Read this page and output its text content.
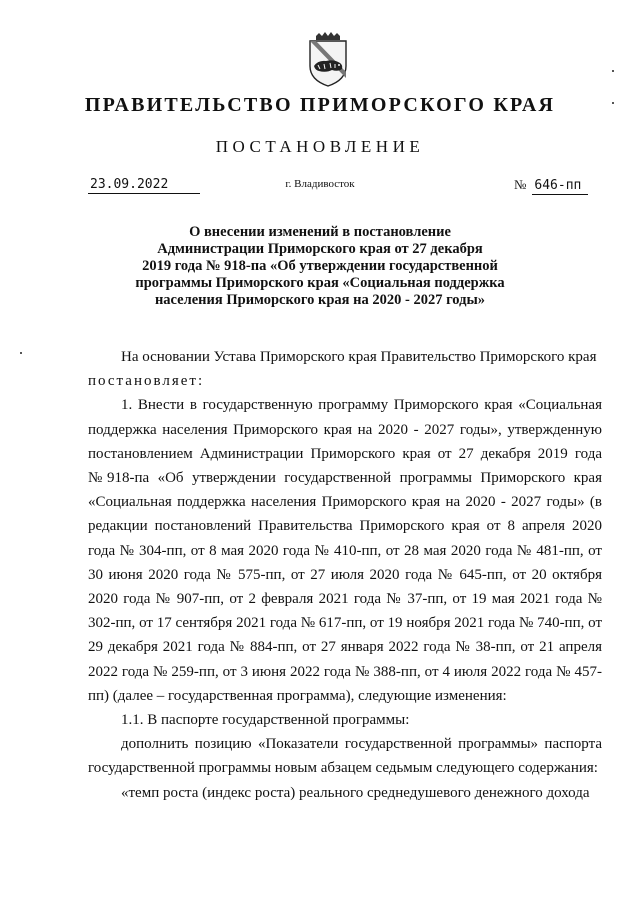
ПРАВИТЕЛЬСТВО ПРИМОРСКОГО КРАЯ
ПОСТАНОВЛЕНИЕ
23.09.2022	г. Владивосток	№ 646-пп
О внесении изменений в постановление
Администрации Приморского края от 27 декабря
2019 года № 918-па «Об утверждении государственной
программы Приморского края «Социальная поддержка
населения Приморского края на 2020 - 2027 годы»

На основании Устава Приморского края Правительство Приморского края

постановляет:

1. Внести в государственную программу Приморского края «Социальная поддержка населения Приморского края на 2020 - 2027 годы», утвержденную постановлением Администрации Приморского края от 27 декабря 2019 года №918-па «Об утверждении государственной программы Приморского края «Социальная поддержка населения Приморского края на 2020 - 2027 годы» (в редакции постановлений Правительства Приморского края от 8 апреля 2020 года № 304-пп, от 8 мая 2020 года № 410-пп, от 28 мая 2020 года № 481-пп, от 30 июня 2020 года № 575-пп, от 27 июля 2020 года № 645-пп, от 20 октября 2020 года № 907-пп, от 2 февраля 2021 года № 37-пп, от 19 мая 2021 года № 302-пп, от 17 сентября 2021 года № 617-пп, от 19 ноября 2021 года № 740-пп, от 29 декабря 2021 года № 884-пп, от 27 января 2022 года № 38-пп, от 21 апреля 2022 года № 259-пп, от 3 июня 2022 года № 388-пп, от 4 июля 2022 года № 457-пп) (далее – государственная программа), следующие изменения:

1.1. В паспорте государственной программы:

дополнить позицию «Показатели государственной программы» паспорта государственной программы новым абзацем седьмым следующего содержания:

«темп роста (индекс роста) реального среднедушевого денежного дохода
